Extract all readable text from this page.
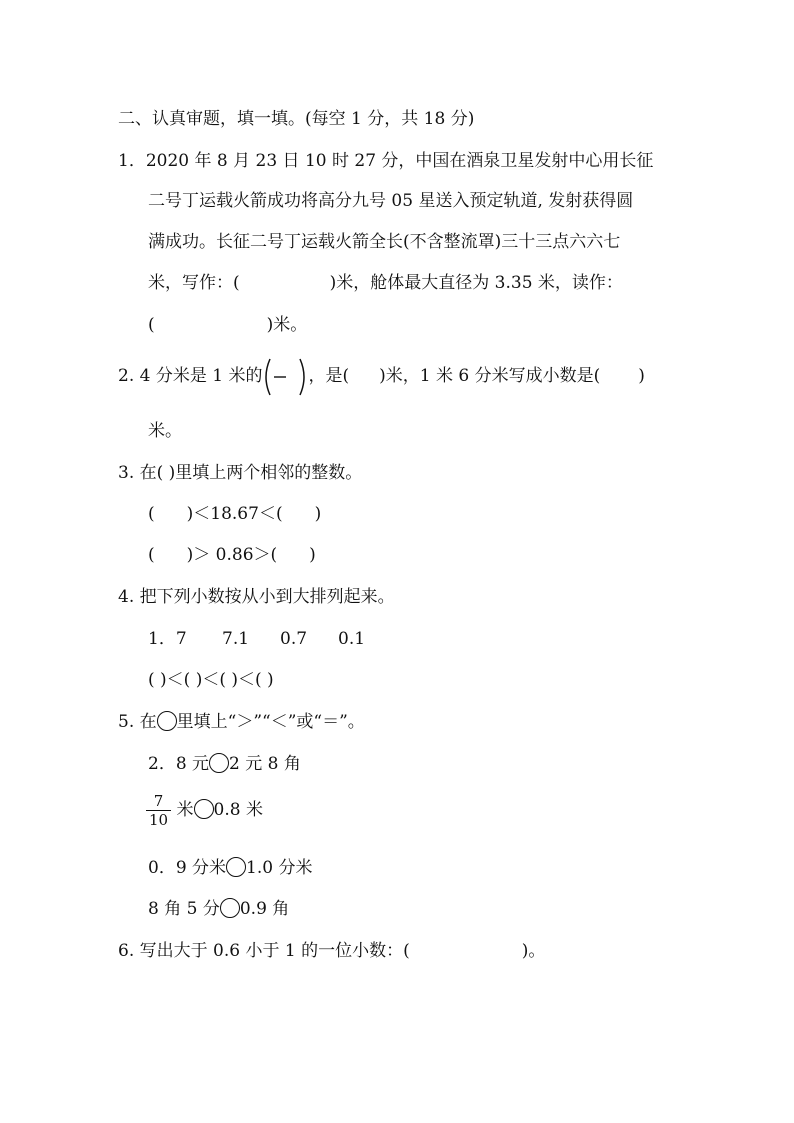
二、认真审题，填一填。(每空 1 分，共 18 分)
1．2020 年 8 月 23 日 10 时 27 分，中国在酒泉卫星发射中心用长征
二号丁运载火箭成功将高分九号 05 星送入预定轨道, 发射获得圆
满成功。长征二号丁运载火箭全长(不含整流罩)三十三点六六七
米，写作：(	)米，舱体最大直径为 3.35 米，读作：
(	)米。
2. 4 分米是 1 米的	，是( )米，1 米 6 分米写成小数是( )
米。
3. 在( )里填上两个相邻的整数。
( )＜18.67＜( )
( )＞ 0.86＞( )
4. 把下列小数按从小到大排列起来。
1．7 7.1 0.7 0.1
( )＜( )＜( )＜( )
5. 在 里填上“＞”“＜”或“＝”。
2．8 元 2 元 8 角
$\frac{7}{10}$ 米 0.8 米
0．9 分米 1.0 分米
8 角 5 分 0.9 角
6. 写出大于 0.6 小于 1 的一位小数：(	)。
